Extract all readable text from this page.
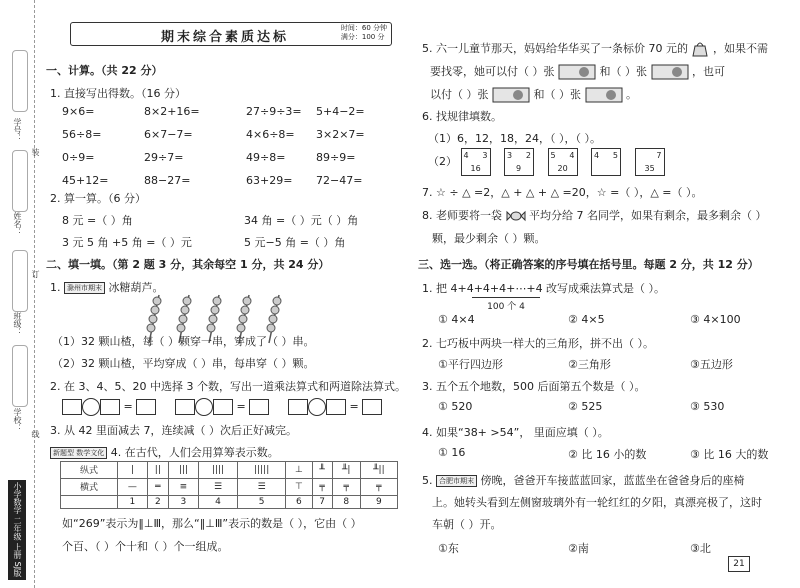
学号：
装
姓名：
订
班级：
学校：
线
小学数学 二年级 上册 SJ版
期末综合素质达标
时间：60 分钟
满分：100 分
一、计算。（共 22 分）
1. 直接写出得数。（16 分）
9×6=	8×2+16=	27÷9÷3= 5+4−2=
56÷8=	6×7−7=	4×6÷8= 3×2×7=
0÷9=	29÷7=	49÷8=	89÷9=
45+12=	88−27=	63+29= 72−47=
2. 算一算。（6 分）
8 元 =（ ）角	34 角 =（ ）元（ ）角
3 元 5 角 +5 角 =（ ）元	5 元−5 角 =（ ）角
二、填一填。（第 2 题 3 分，其余每空 1 分，共 24 分）
1. 滁州市期末 冰糖葫芦。
（1）32 颗山楂，每（ ）颗穿一串，穿成了（ ）串。
（2）32 颗山楂，平均穿成（ ）串，每串穿（ ）颗。
2. 在 3、4、5、20 中选择 3 个数，写出一道乘法算式和两道除法算式。
=	=	=
3. 从 42 里面减去 7，连续减（ ）次后正好减完。
新题型 数学文化 4. 在古代，人们会用算筹表示数。
纵式	|	||	|||	||||	|||||	⊥	╨	╨|	╨||
横式	—	═	≡	☰	☰	⊤	╤	╤	╤
	1	2	3	4	5	6	7	8	9
如“269”表示为‖⊥Ⅲ，那么“‖⊥Ⅲ”表示的数是（ ），它由（ ）
个百、（ ）个十和（ ）个一组成。
5. 六一儿童节那天，妈妈给华华买了一条标价 70 元的 ，如果不需
要找零，她可以付（ ）张	和（ ）张	，也可
以付（ ）张	和（ ）张	。
6. 找规律填数。
（1）6，12，18，24，（ ），（ ）。
（2） 4 3
16

3 2
9

5 4
20

4 5
	7
35
7. ☆ ÷ △ =2，△ + △ + △ =20，☆ =（ ），△ =（ ）。
8. 老师要将一袋 平均分给 7 名同学，如果有剩余，最多剩余（ ）
颗，最少剩余（ ）颗。
三、选一选。（将正确答案的序号填在括号里。每题 2 分，共 12 分）
1. 把 4+4+4+4+⋯+4 改写成乘法算式是（ ）。
100 个 4
① 4×4	② 4×5	③ 4×100
2. 七巧板中两块一样大的三角形，拼不出（ ）。
①平行四边形	②三角形	③五边形
3. 五个五个地数，500 后面第五个数是（ ）。
① 520	② 525	③ 530
4. 如果“38+ >54”， 里面应填（ ）。
① 16	② 比 16 小的数	③ 比 16 大的数
5. 合肥市期末 傍晚，爸爸开车接蓝蓝回家，蓝蓝坐在爸爸身后的座椅
上。她转头看到左侧窗玻璃外有一轮红红的夕阳，真漂亮极了，这时
车朝（ ）开。
①东	②南	③北
21
